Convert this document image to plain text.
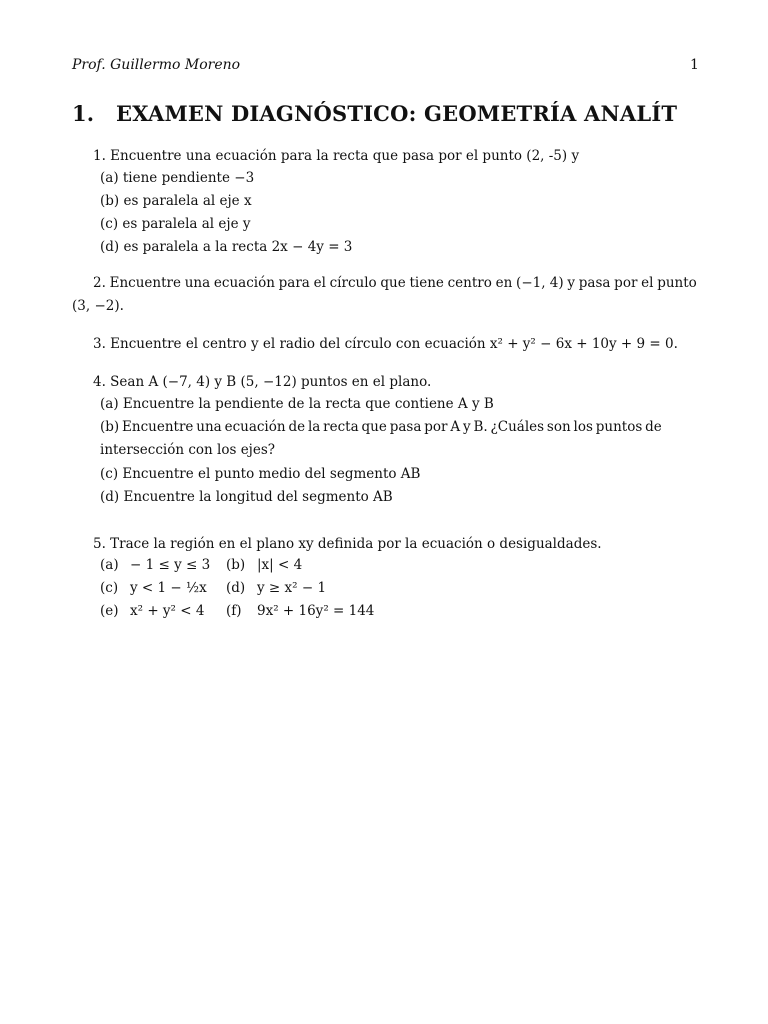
Prof. Guillermo Moreno	1
1. EXAMEN DIAGNÓSTICO: GEOMETRÍA ANALÍT
1. Encuentre una ecuación para la recta que pasa por el punto (2, -5) y
(a) tiene pendiente −3
(b) es paralela al eje x
(c) es paralela al eje y
(d) es paralela a la recta 2x − 4y = 3
2. Encuentre una ecuación para el círculo que tiene centro en (−1, 4) y pasa por el punto
(3, −2).
3. Encuentre el centro y el radio del círculo con ecuación x² + y² − 6x + 10y + 9 = 0.
4. Sean A (−7, 4) y B (5, −12) puntos en el plano.
(a) Encuentre la pendiente de la recta que contiene A y B
(b) Encuentre una ecuación de la recta que pasa por A y B. ¿Cuáles son los puntos de
intersección con los ejes?
(c) Encuentre el punto medio del segmento AB
(d) Encuentre la longitud del segmento AB
5. Trace la región en el plano xy definida por la ecuación o desigualdades.
(a) − 1 ≤ y ≤ 3 (b) |x| < 4
(c) y < 1 − ½x (d) y ≥ x² − 1
(e) x² + y² < 4 (f) 9x² + 16y² = 144
